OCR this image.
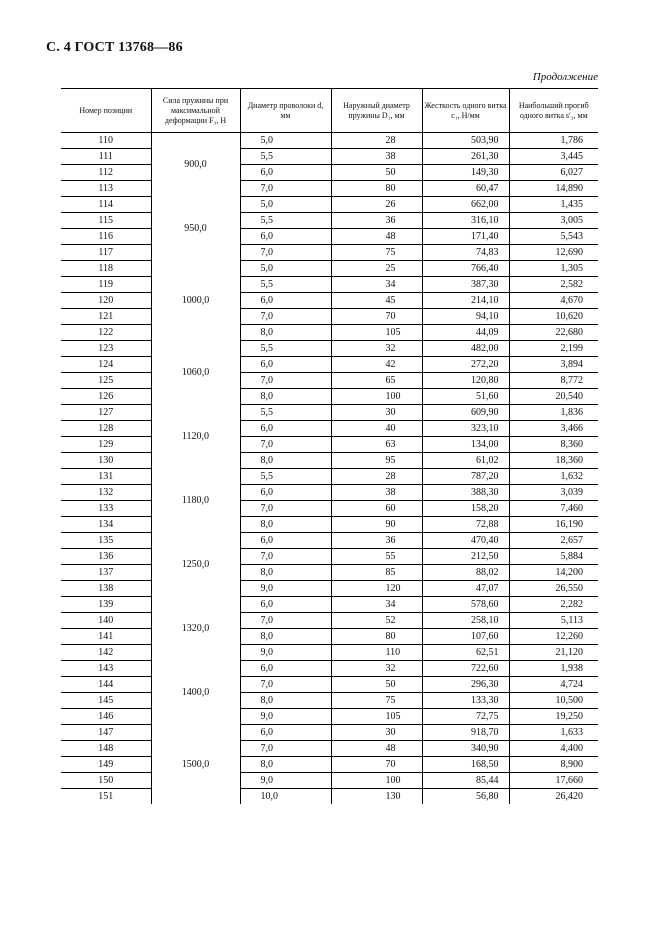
С. 4 ГОСТ 13768—86
Продолжение
Номер позиции	Сила пружины при максимальной деформации F₃, Н	Диаметр проволоки d, мм	Наружный диаметр пружины D₁, мм	Жесткость одного витка c₁, Н/мм	Наибольший прогиб одного витка s′₃, мм
110	900,0	5,0	28	503,90	1,786
111		5,5	38	261,30	3,445
112		6,0	50	149,30	6,027
113		7,0	80	60,47	14,890
114	950,0	5,0	26	662,00	1,435
115		5,5	36	316,10	3,005
116		6,0	48	171,40	5,543
117		7,0	75	74,83	12,690
118	1000,0	5,0	25	766,40	1,305
119		5,5	34	387,30	2,582
120		6,0	45	214,10	4,670
121		7,0	70	94,10	10,620
122		8,0	105	44,09	22,680
123	1060,0	5,5	32	482,00	2,199
124		6,0	42	272,20	3,894
125		7,0	65	120,80	8,772
126		8,0	100	51,60	20,540
127	1120,0	5,5	30	609,90	1,836
128		6,0	40	323,10	3,466
129		7,0	63	134,00	8,360
130		8,0	95	61,02	18,360
131	1180,0	5,5	28	787,20	1,632
132		6,0	38	388,30	3,039
133		7,0	60	158,20	7,460
134		8,0	90	72,88	16,190
135	1250,0	6,0	36	470,40	2,657
136		7,0	55	212,50	5,884
137		8,0	85	88,02	14,200
138		9,0	120	47,07	26,550
139	1320,0	6,0	34	578,60	2,282
140		7,0	52	258,10	5,113
141		8,0	80	107,60	12,260
142		9,0	110	62,51	21,120
143	1400,0	6,0	32	722,60	1,938
144		7,0	50	296,30	4,724
145		8,0	75	133,30	10,500
146		9,0	105	72,75	19,250
147	1500,0	6,0	30	918,70	1,633
148		7,0	48	340,90	4,400
149		8,0	70	168,50	8,900
150		9,0	100	85,44	17,660
151		10,0	130	56,80	26,420
